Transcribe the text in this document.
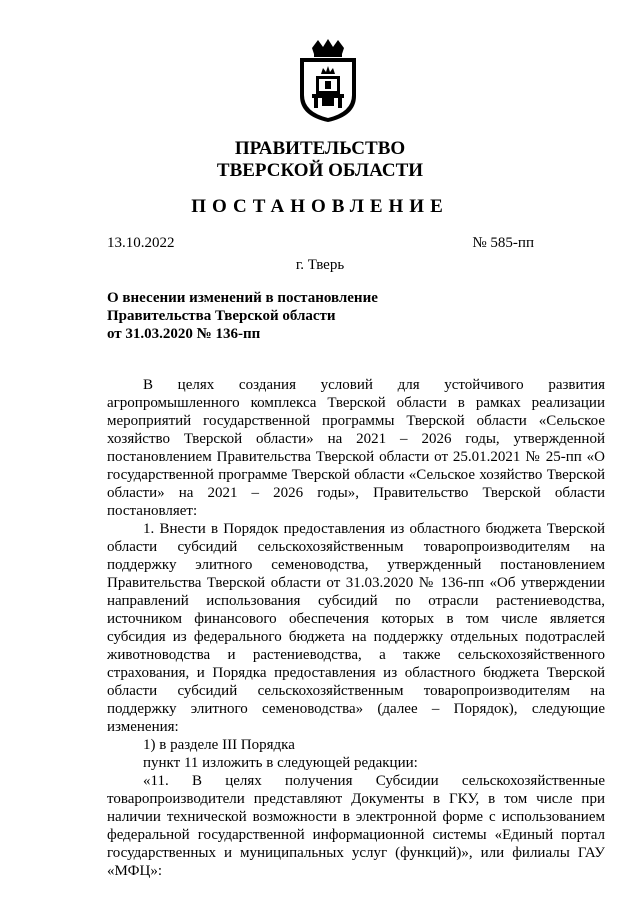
ПРАВИТЕЛЬСТВО
ТВЕРСКОЙ ОБЛАСТИ
ПОСТАНОВЛЕНИЕ
13.10.2022	№ 585-пп
г. Тверь
О внесении изменений в постановление
Правительства Тверской области
от 31.03.2020 № 136-пп

В целях создания условий для устойчивого развития агропромышленного комплекса Тверской области в рамках реализации мероприятий государственной программы Тверской области «Сельское хозяйство Тверской области» на 2021 – 2026 годы, утвержденной постановлением Правительства Тверской области от 25.01.2021 № 25-пп «О государственной программе Тверской области «Сельское хозяйство Тверской области» на 2021 – 2026 годы», Правительство Тверской области постановляет:

1. Внести в Порядок предоставления из областного бюджета Тверской области субсидий сельскохозяйственным товаропроизводителям на поддержку элитного семеноводства, утвержденный постановлением Правительства Тверской области от 31.03.2020 № 136-пп «Об утверждении направлений использования субсидий по отрасли растениеводства, источником финансового обеспечения которых в том числе является субсидия из федерального бюджета на поддержку отдельных подотраслей животноводства и растениеводства, а также сельскохозяйственного страхования, и Порядка предоставления из областного бюджета Тверской области субсидий сельскохозяйственным товаропроизводителям на поддержку элитного семеноводства» (далее – Порядок), следующие изменения:

1) в разделе III Порядка

пункт 11 изложить в следующей редакции:

«11. В целях получения Субсидии сельскохозяйственные товаропроизводители представляют Документы в ГКУ, в том числе при наличии технической возможности в электронной форме с использованием федеральной государственной информационной системы «Единый портал государственных и муниципальных услуг (функций)», или филиалы ГАУ «МФЦ»:
